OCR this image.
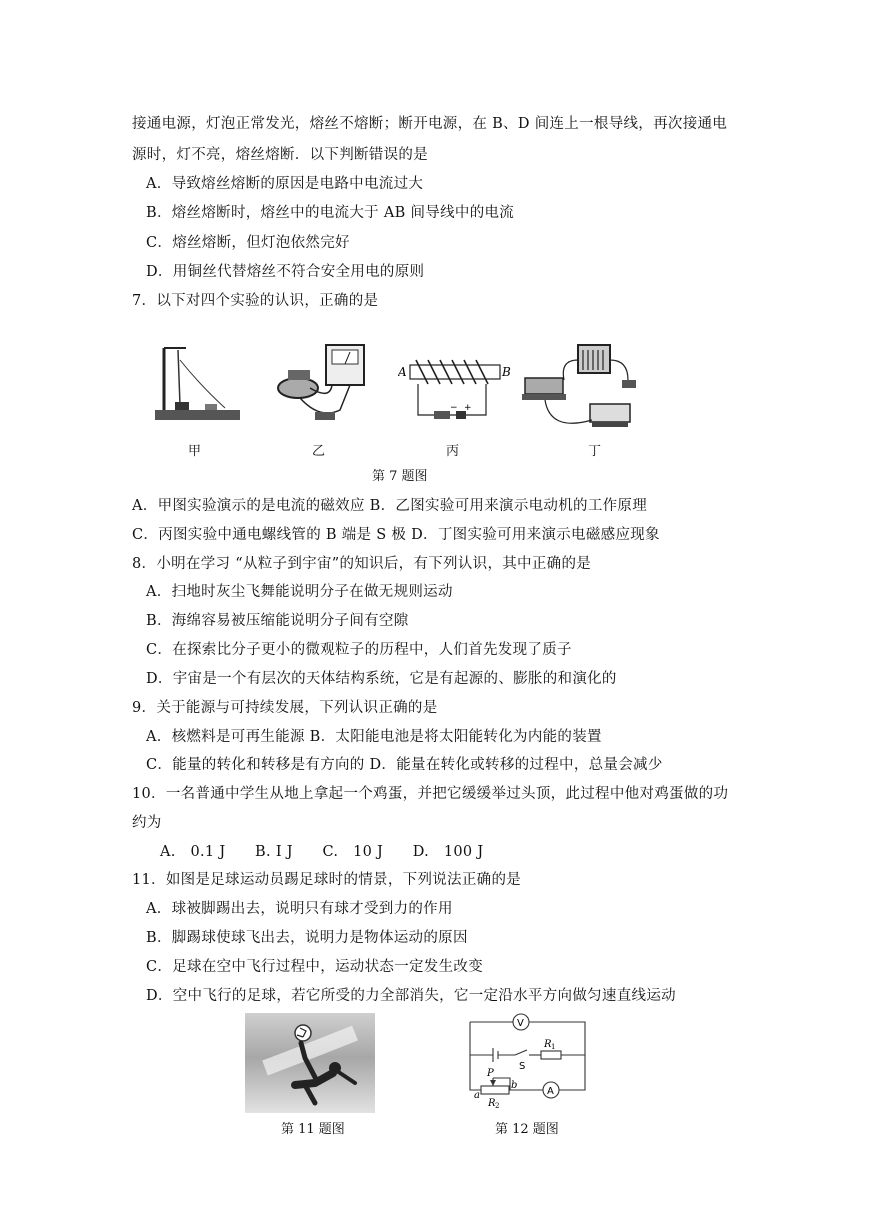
接通电源，灯泡正常发光，熔丝不熔断；断开电源，在 B、D 间连上一根导线，再次接通电
源时，灯不亮，熔丝熔断．以下判断错误的是
A．导致熔丝熔断的原因是电路中电流过大
B．熔丝熔断时，熔丝中的电流大于 AB 间导线中的电流
C．熔丝熔断，但灯泡依然完好
D．用铜丝代替熔丝不符合安全用电的原则
7．以下对四个实验的认识，正确的是
甲	乙
− +
A	B
丙	丁
第 7 题图
A．甲图实验演示的是电流的磁效应 B．乙图实验可用来演示电动机的工作原理
C．丙图实验中通电螺线管的 B 端是 S 极 D．丁图实验可用来演示电磁感应现象
8．小明在学习 “从粒子到宇宙”的知识后，有下列认识，其中正确的是
A．扫地时灰尘飞舞能说明分子在做无规则运动
B．海绵容易被压缩能说明分子间有空隙
C．在探索比分子更小的微观粒子的历程中，人们首先发现了质子
D．宇宙是一个有层次的天体结构系统，它是有起源的、膨胀的和演化的
9．关于能源与可持续发展，下列认识正确的是
A．核燃料是可再生能源 B．太阳能电池是将太阳能转化为内能的装置
C．能量的转化和转移是有方向的 D．能量在转化或转移的过程中，总量会减少
10．一名普通中学生从地上拿起一个鸡蛋，并把它缓缓举过头顶，此过程中他对鸡蛋做的功
约为
A.　0.1 J　　B. I J　　C.　10 J　　D.　100 J
11．如图是足球运动员踢足球时的情景，下列说法正确的是
A．球被脚踢出去，说明只有球才受到力的作用
B．脚踢球使球飞出去，说明力是物体运动的原因
C．足球在空中飞行过程中，运动状态一定发生改变
D．空中飞行的足球，若它所受的力全部消失，它一定沿水平方向做匀速直线运动
V
A
S
R 1
P
a
b
R 2
第 11 题图	第 12 题图
